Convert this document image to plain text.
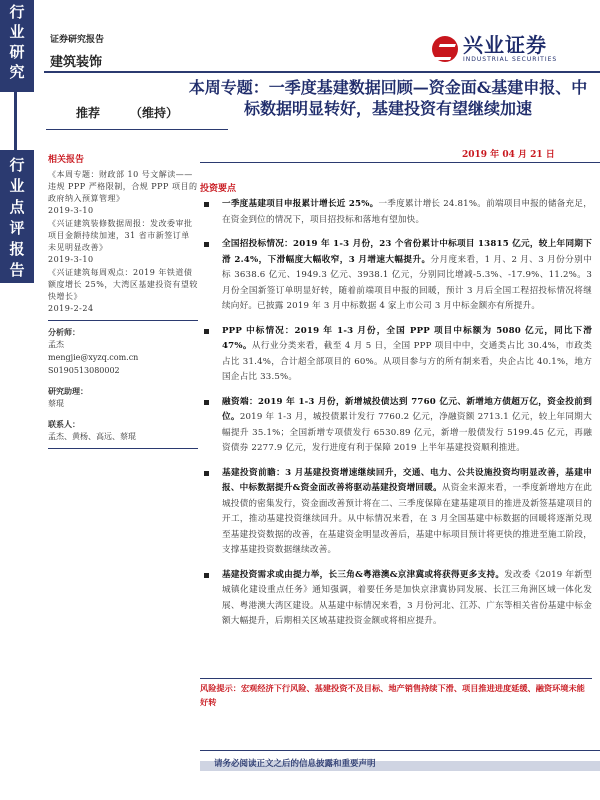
行
业
研
究
行
业
点
评
报
告
证券研究报告
建筑装饰
兴业证券
INDUSTRIAL SECURITIES
推荐 （维持）
本周专题：一季度基建数据回顾—资金面&基建申报、中标数据明显转好，基建投资有望继续加速
2019 年 04 月 21 日
相关报告
《本周专题：财政部 10 号文解读——违规 PPP 严格限制，合规 PPP 项目的政府纳入预算管理》
2019-3-10
《兴证建筑装修数据周报：发改委审批项目金额持续加速，31 省市新签订单未见明显改善》
2019-3-10
《兴证建筑每周观点：2019 年铁道债额度增长 25%，大湾区基建投资有望较快增长》
2019-2-24
分析师：
孟杰
mengjie@xyzq.com.cn
S0190513080002
研究助理：
蔡琨
联系人：
孟杰、黄杨、高远、蔡琨
投资要点
一季度基建项目申报累计增长近 25%。一季度累计增长 24.81%。前端项目申报的储备充足，在资金到位的情况下，项目招投标和落地有望加快。
全国招投标情况：2019 年 1-3 月份，23 个省份累计中标项目 13815 亿元，较上年同期下滑 2.4%，下滑幅度大幅收窄，3 月增速大幅提升。分月度来看，1 月、2 月、3 月份分别中标 3638.6 亿元、1949.3 亿元、3938.1 亿元，分别同比增减-5.3%、-17.9%、11.2%。3 月份全国新签订单明显好转，随着前端项目申报的回暖，预计 3 月后全国工程招投标情况将继续向好。已披露 2019 年 3 月中标数据 4 家上市公司 3 月中标金额亦有所提升。
PPP 中标情况：2019 年 1-3 月份，全国 PPP 项目中标额为 5080 亿元，同比下滑 47%。从行业分类来看，截至 4 月 5 日，全国 PPP 项目中中，交通类占比 30.4%，市政类占比 31.4%，合计超全部项目的 60%。从项目参与方的所有制来看，央企占比 40.1%，地方国企占比 33.5%。
融资端：2019 年 1-3 月份，新增城投债达到 7760 亿元、新增地方债超万亿，资金投前到位。2019 年 1-3 月，城投债累计发行 7760.2 亿元，净融资额 2713.1 亿元，较上年同期大幅提升 35.1%；全国新增专项债发行 6530.89 亿元，新增一般债发行 5199.45 亿元，再融资债券 2277.9 亿元，发行进度有利于保障 2019 上半年基建投资顺利推进。
基建投资前瞻：3 月基建投资增速继续回升，交通、电力、公共设施投资均明显改善，基建申报、中标数据提升&资金面改善将驱动基建投资增回暖。从资金来源来看，一季度新增地方在此城投债的密集发行，资金面改善预计将在二、三季度保障在建基建项目的推进及新签基建项目的开工，推动基建投资继续回升。从中标情况来看，在 3 月全国基建中标数据的回暖将逐渐兑现至基建投资数据的改善，在基建资金明显改善后，基建中标项目预计将更快的推进至施工阶段，支撑基建投资数据继续改善。
基建投资需求或由提力举，长三角&粤港澳&京津冀或将获得更多支持。发改委《2019 年新型城镇化建设重点任务》通知强调，着要任务是加快京津冀协同发展、长江三角洲区域一体化发展、粤港澳大湾区建设。从基建中标情况来看，3 月份河北、江苏、广东等相关省份基建中标金额大幅提升，后期相关区域基建投资金额或将相应提升。
风险提示：宏观经济下行风险、基建投资不及目标、地产销售持续下滑、项目推进进度延缓、融资环境未能好转
请务必阅读正文之后的信息披露和重要声明
